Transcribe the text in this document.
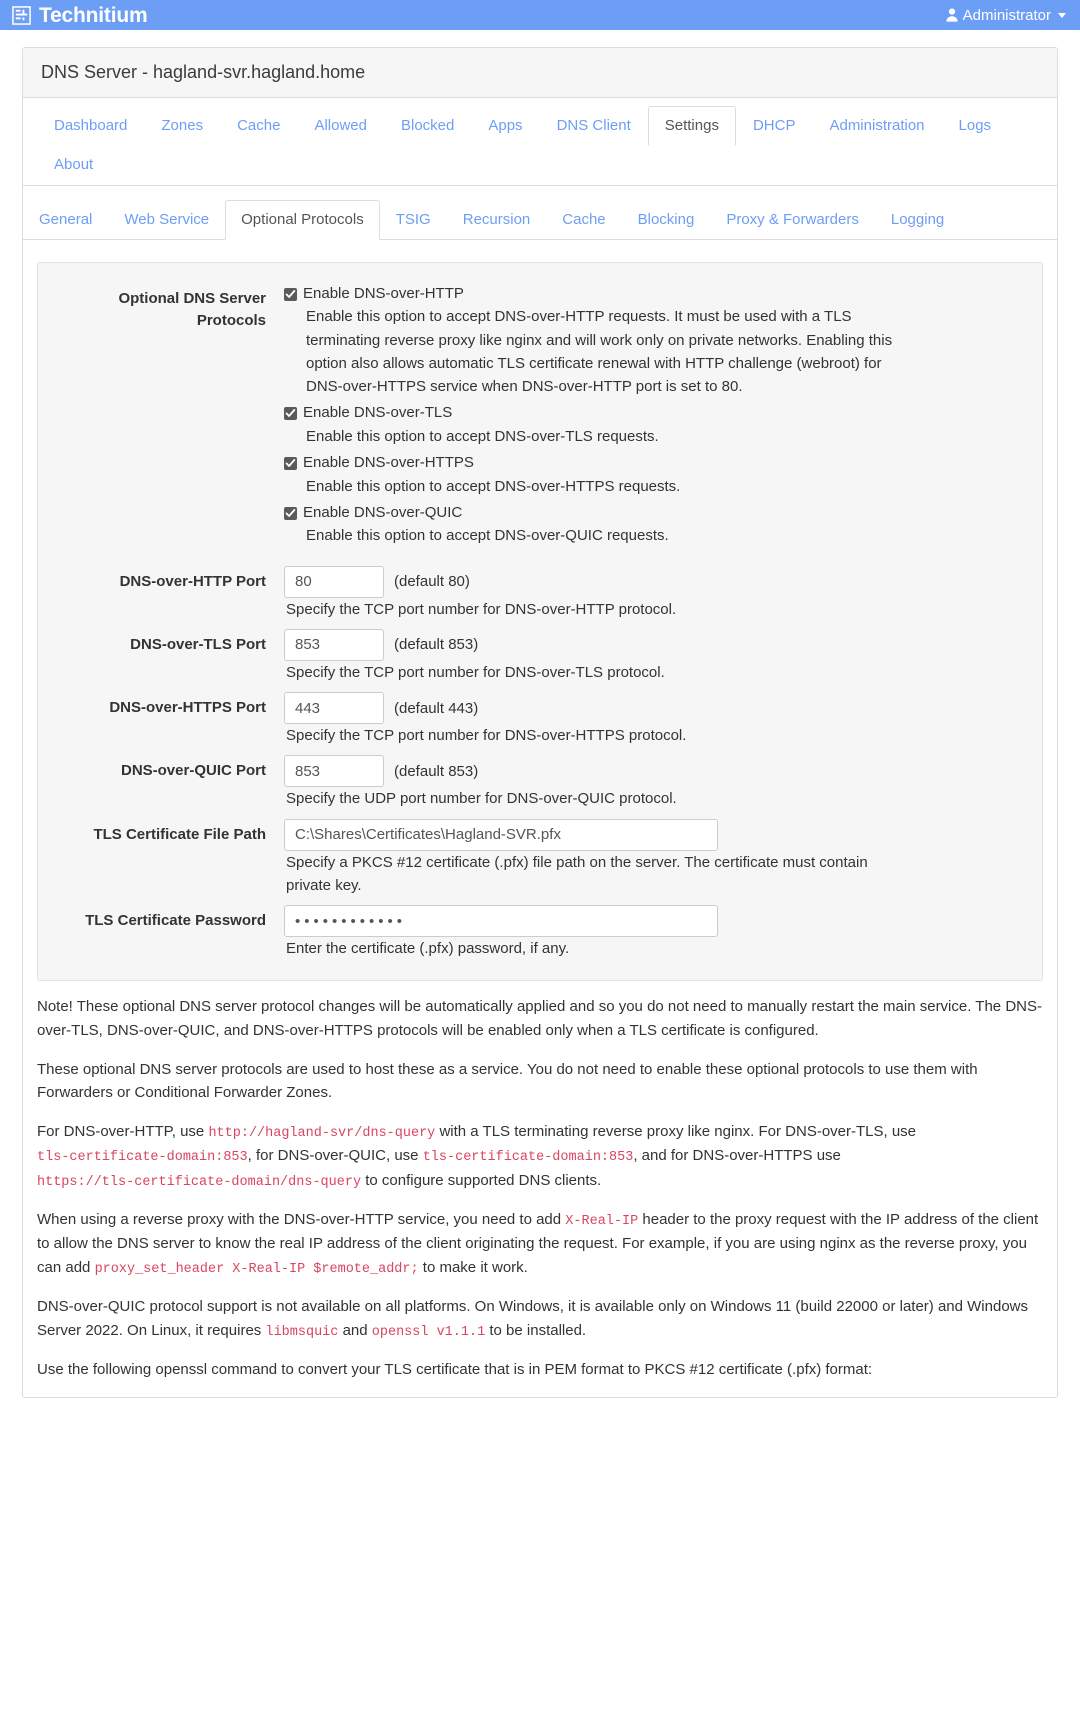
Technitium	Administrator
DNS Server - hagland-svr.hagland.home
Dashboard	Zones	Cache	Allowed	Blocked	Apps	DNS Client	Settings	DHCP	Administration	Logs
About
General	Web Service	Optional Protocols	TSIG	Recursion	Cache	Blocking	Proxy & Forwarders	Logging
Optional DNS Server Protocols
Enable DNS-over-HTTP

Enable this option to accept DNS-over-HTTP requests. It must be used with a TLS terminating reverse proxy like nginx and will work only on private networks. Enabling this option also allows automatic TLS certificate renewal with HTTP challenge (webroot) for DNS-over-HTTPS service when DNS-over-HTTP port is set to 80.

Enable DNS-over-TLS

Enable this option to accept DNS-over-TLS requests.

Enable DNS-over-HTTPS

Enable this option to accept DNS-over-HTTPS requests.

Enable DNS-over-QUIC

Enable this option to accept DNS-over-QUIC requests.

DNS-over-HTTP Port
80	(default 80)

Specify the TCP port number for DNS-over-HTTP protocol.

DNS-over-TLS Port
853	(default 853)

Specify the TCP port number for DNS-over-TLS protocol.

DNS-over-HTTPS Port
443	(default 443)

Specify the TCP port number for DNS-over-HTTPS protocol.

DNS-over-QUIC Port
853	(default 853)

Specify the UDP port number for DNS-over-QUIC protocol.

TLS Certificate File Path
C:\Shares\Certificates\Hagland-SVR.pfx

Specify a PKCS #12 certificate (.pfx) file path on the server. The certificate must contain private key.

TLS Certificate Password
••••••••••••

Enter the certificate (.pfx) password, if any.

Note! These optional DNS server protocol changes will be automatically applied and so you do not need to manually restart the main service. The DNS-over-TLS, DNS-over-QUIC, and DNS-over-HTTPS protocols will be enabled only when a TLS certificate is configured.

These optional DNS server protocols are used to host these as a service. You do not need to enable these optional protocols to use them with Forwarders or Conditional Forwarder Zones.

For DNS-over-HTTP, use http://hagland-svr/dns-query with a TLS terminating reverse proxy like nginx. For DNS-over-TLS, use tls-certificate-domain:853, for DNS-over-QUIC, use tls-certificate-domain:853, and for DNS-over-HTTPS use https://tls-certificate-domain/dns-query to configure supported DNS clients.

When using a reverse proxy with the DNS-over-HTTP service, you need to add X-Real-IP header to the proxy request with the IP address of the client to allow the DNS server to know the real IP address of the client originating the request. For example, if you are using nginx as the reverse proxy, you can add proxy_set_header X-Real-IP $remote_addr; to make it work.

DNS-over-QUIC protocol support is not available on all platforms. On Windows, it is available only on Windows 11 (build 22000 or later) and Windows Server 2022. On Linux, it requires libmsquic and openssl v1.1.1 to be installed.

Use the following openssl command to convert your TLS certificate that is in PEM format to PKCS #12 certificate (.pfx) format:
